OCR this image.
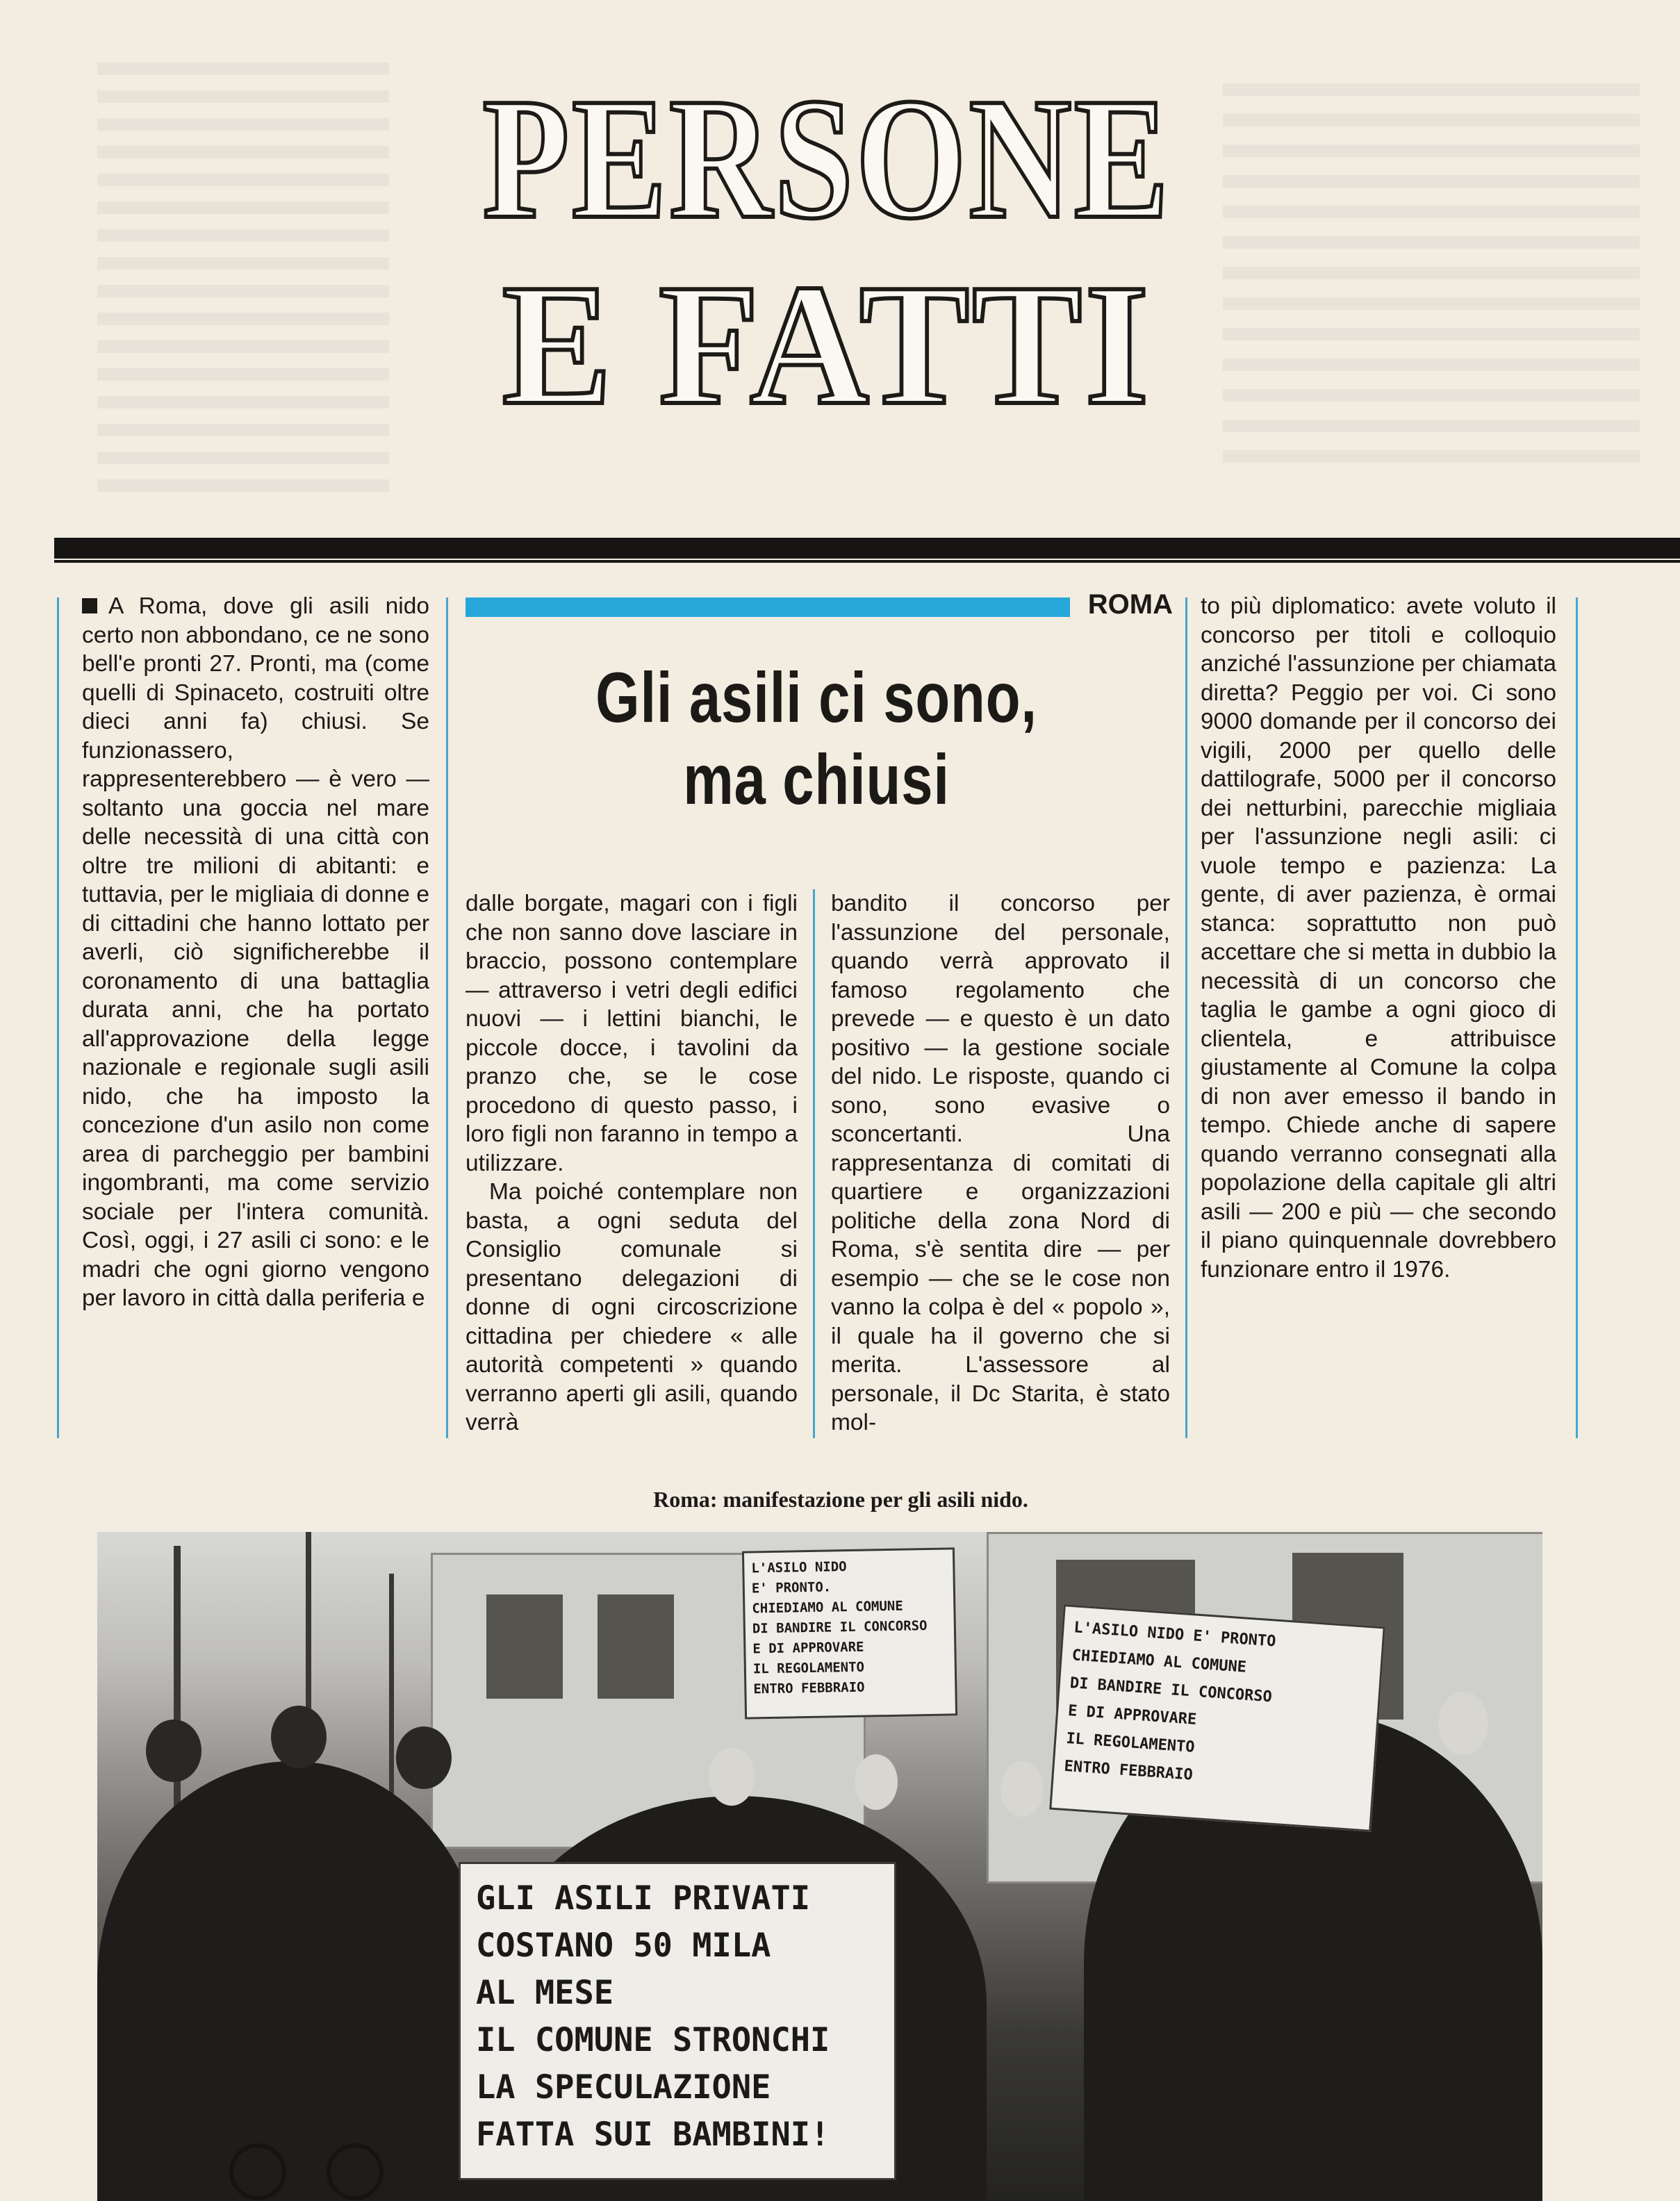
PERSONE
E FATTI
ROMA
Gli asili ci sono,
ma chiusi

A Roma, dove gli asili nido certo non abbondano, ce ne sono bell'e pronti 27. Pronti, ma (come quelli di Spinaceto, costruiti oltre dieci anni fa) chiusi. Se funzionassero, rappresenterebbero — è vero — soltanto una goccia nel mare delle necessità di una città con oltre tre milioni di abitanti: e tuttavia, per le migliaia di donne e di cittadini che hanno lottato per averli, ciò significherebbe il coronamento di una battaglia durata anni, che ha portato all'approvazione della legge nazionale e regionale sugli asili nido, che ha imposto la concezione d'un asilo non come area di parcheggio per bambini ingombranti, ma come servizio sociale per l'intera comunità. Così, oggi, i 27 asili ci sono: e le madri che ogni giorno vengono per lavoro in città dalla periferia e

dalle borgate, magari con i figli che non sanno dove lasciare in braccio, possono contemplare — attraverso i vetri degli edifici nuovi — i lettini bianchi, le piccole docce, i tavolini da pranzo che, se le cose procedono di questo passo, i loro figli non faranno in tempo a utilizzare.

Ma poiché contemplare non basta, a ogni seduta del Consiglio comunale si presentano delegazioni di donne di ogni circoscrizione cittadina per chiedere « alle autorità competenti » quando verranno aperti gli asili, quando verrà

bandito il concorso per l'assunzione del personale, quando verrà approvato il famoso regolamento che prevede — e questo è un dato positivo — la gestione sociale del nido. Le risposte, quando ci sono, sono evasive o sconcertanti. Una rappresentanza di comitati di quartiere e organizzazioni politiche della zona Nord di Roma, s'è sentita dire — per esempio — che se le cose non vanno la colpa è del « popolo », il quale ha il governo che si merita. L'assessore al personale, il Dc Starita, è stato mol-

to più diplomatico: avete voluto il concorso per titoli e colloquio anziché l'assunzione per chiamata diretta? Peggio per voi. Ci sono 9000 domande per il concorso dei vigili, 2000 per quello delle dattilografe, 5000 per il concorso dei netturbini, parecchie migliaia per l'assunzione negli asili: ci vuole tempo e pazienza: La gente, di aver pazienza, è ormai stanca: soprattutto non può accettare che si metta in dubbio la necessità di un concorso che taglia le gambe a ogni gioco di clientela, e attribuisce giustamente al Comune la colpa di non aver emesso il bando in tempo. Chiede anche di sapere quando verranno consegnati alla popolazione della capitale gli altri asili — 200 e più — che secondo il piano quinquennale dovrebbero funzionare entro il 1976.

Roma: manifestazione per gli asili nido.
L'ASILO NIDO
E' PRONTO.
CHIEDIAMO AL COMUNE
DI BANDIRE IL CONCORSO
E DI APPROVARE
IL REGOLAMENTO
ENTRO FEBBRAIO
L'ASILO NIDO E' PRONTO
CHIEDIAMO AL COMUNE
DI BANDIRE IL CONCORSO
E DI APPROVARE
IL REGOLAMENTO
ENTRO FEBBRAIO
GLI ASILI PRIVATI
COSTANO 50 MILA
AL MESE
IL COMUNE STRONCHI
LA SPECULAZIONE
FATTA SUI BAMBINI!
